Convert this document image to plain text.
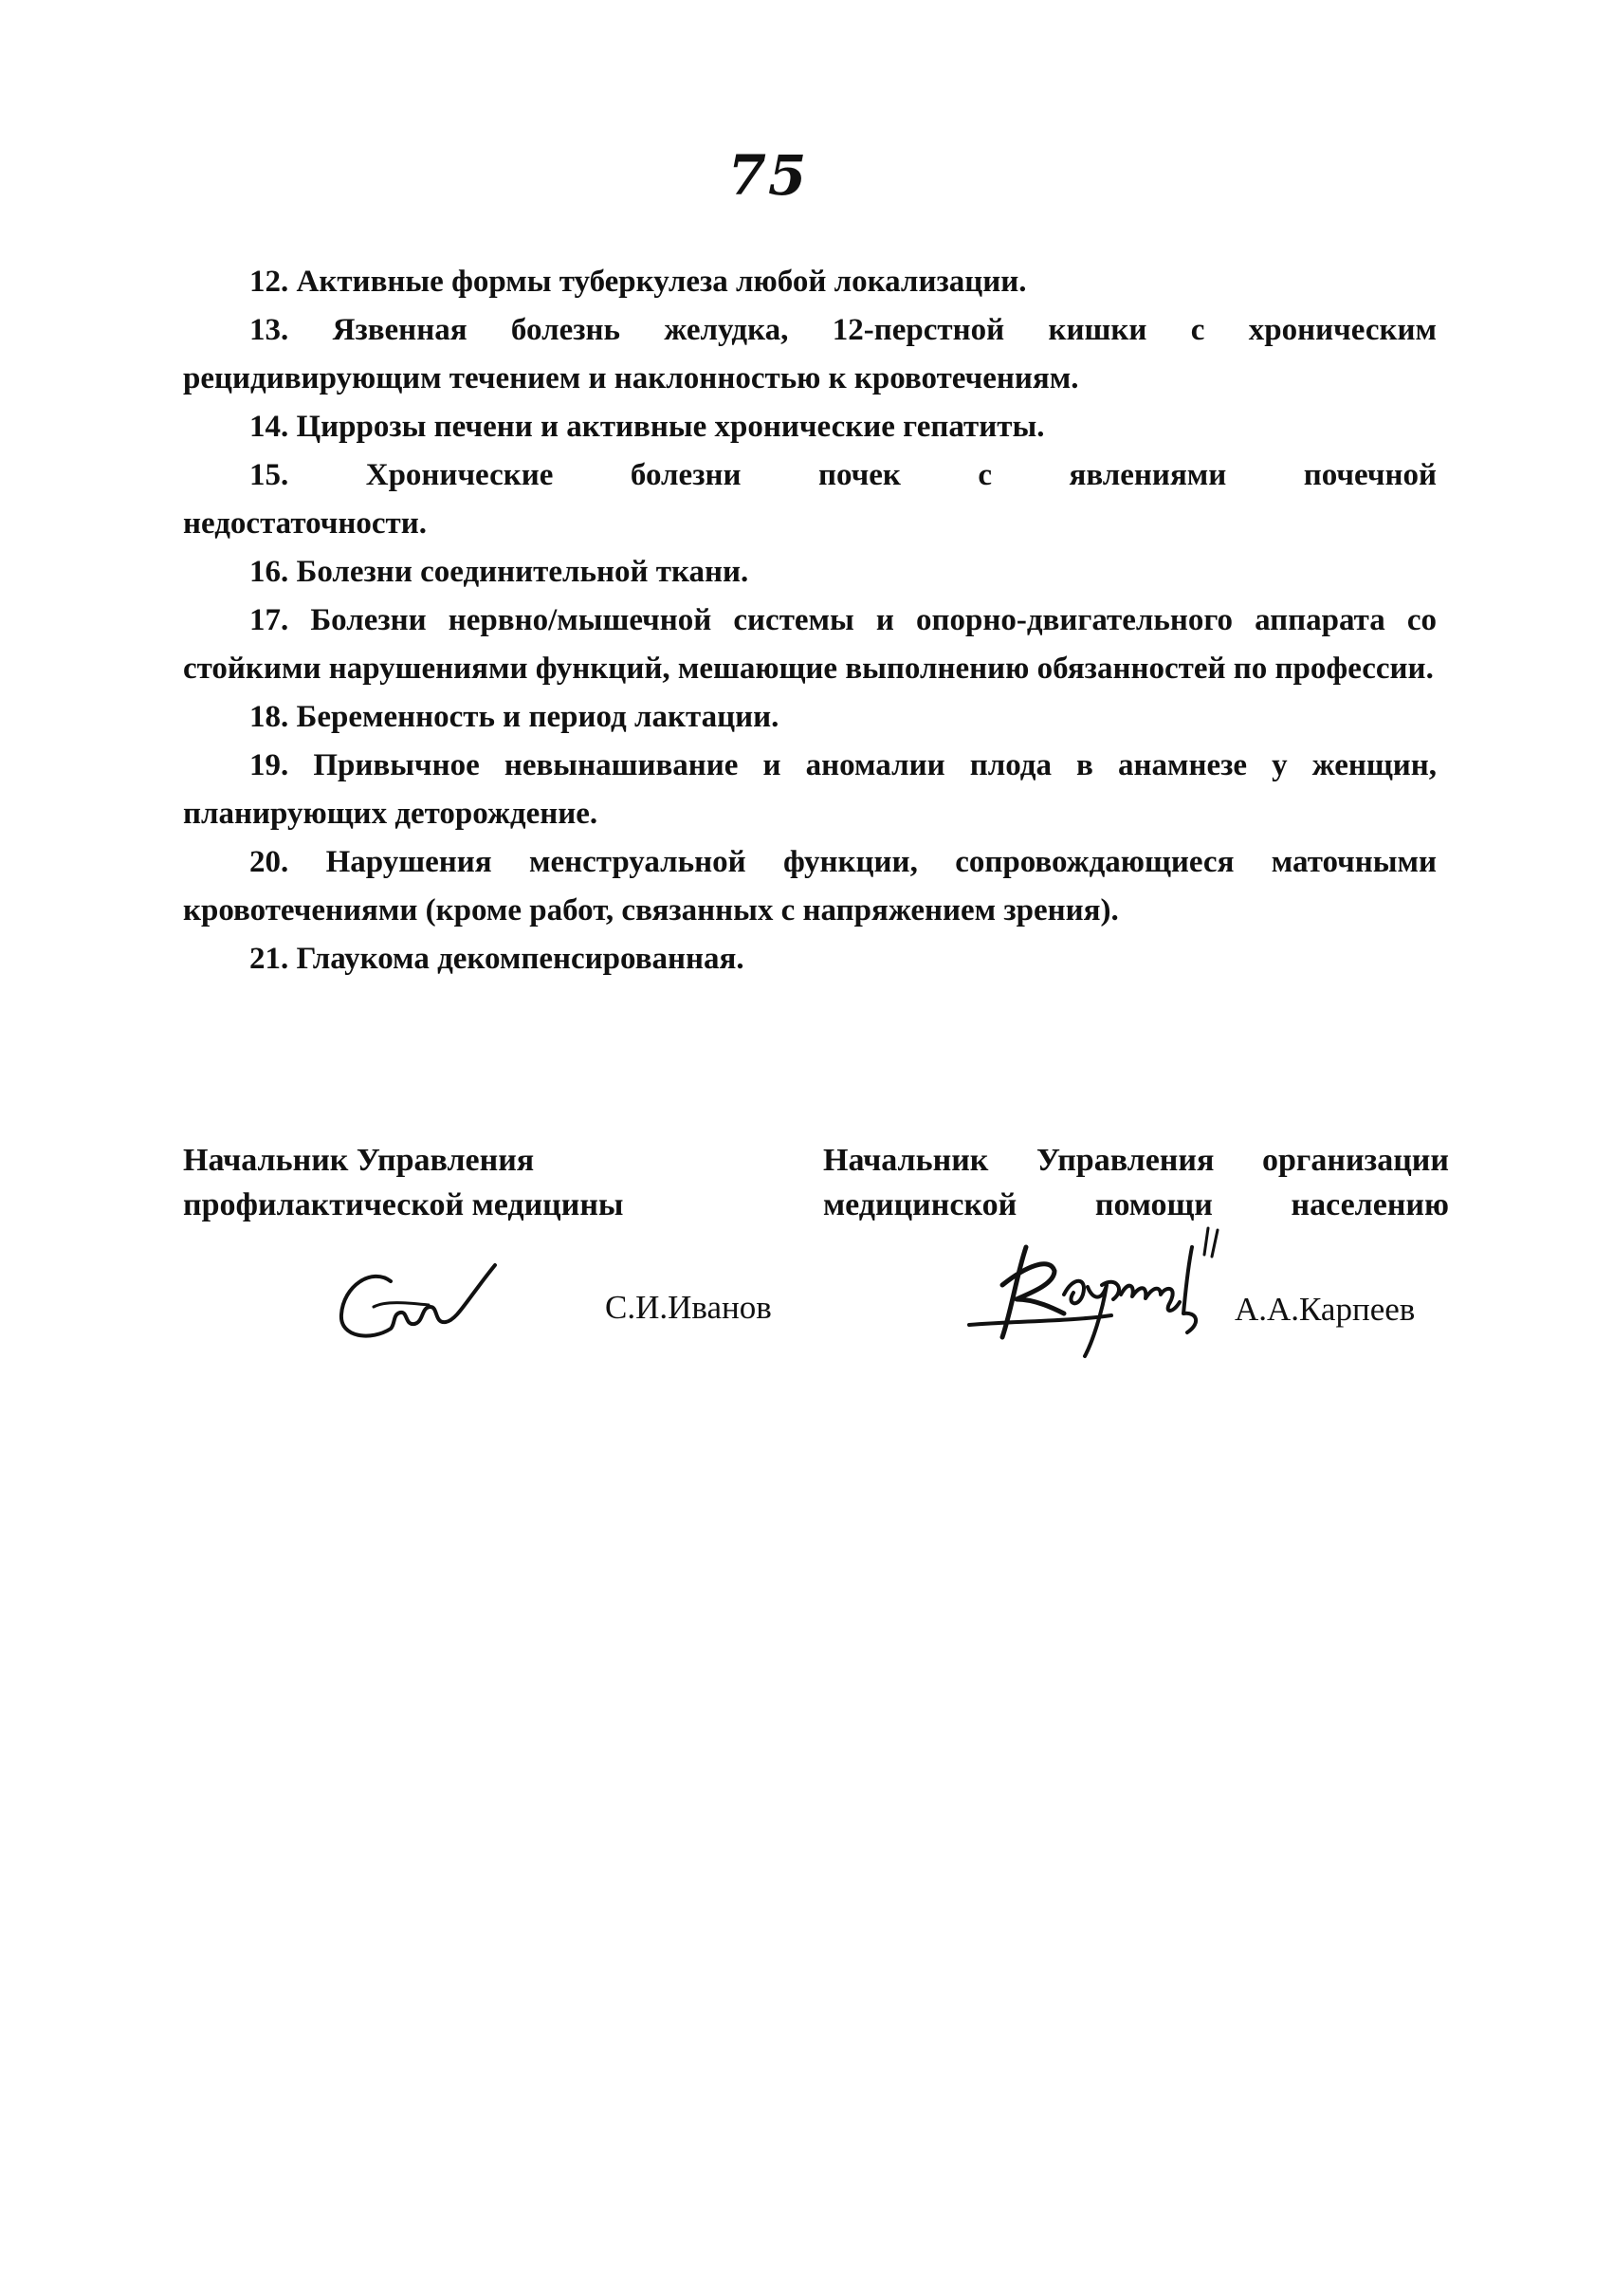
75
12. Активные формы туберкулеза любой локализации.
13. Язвенная болезнь желудка, 12-перстной кишки с хроническим рецидивирующим течением и наклонностью к кровотечениям.
14. Циррозы печени и активные хронические гепатиты.
15. Хронические болезни почек с явлениями почечной недостаточности.
16. Болезни соединительной ткани.
17. Болезни нервно/мышечной системы и опорно-двигательного аппарата со стойкими нарушениями функций, мешающие выполнению обязанностей по профессии.
18. Беременность и период лактации.
19. Привычное невынашивание и аномалии плода в анамнезе у женщин, планирующих деторождение.
20. Нарушения менструальной функции, сопровождающиеся маточными кровотечениями (кроме работ, связанных с напряжением зрения).
21. Глаукома декомпенсированная.
Начальник Управления
профилактической медицины
Начальник Управления организации
медицинской помощи населению
С.И.Иванов	А.А.Карпеев
